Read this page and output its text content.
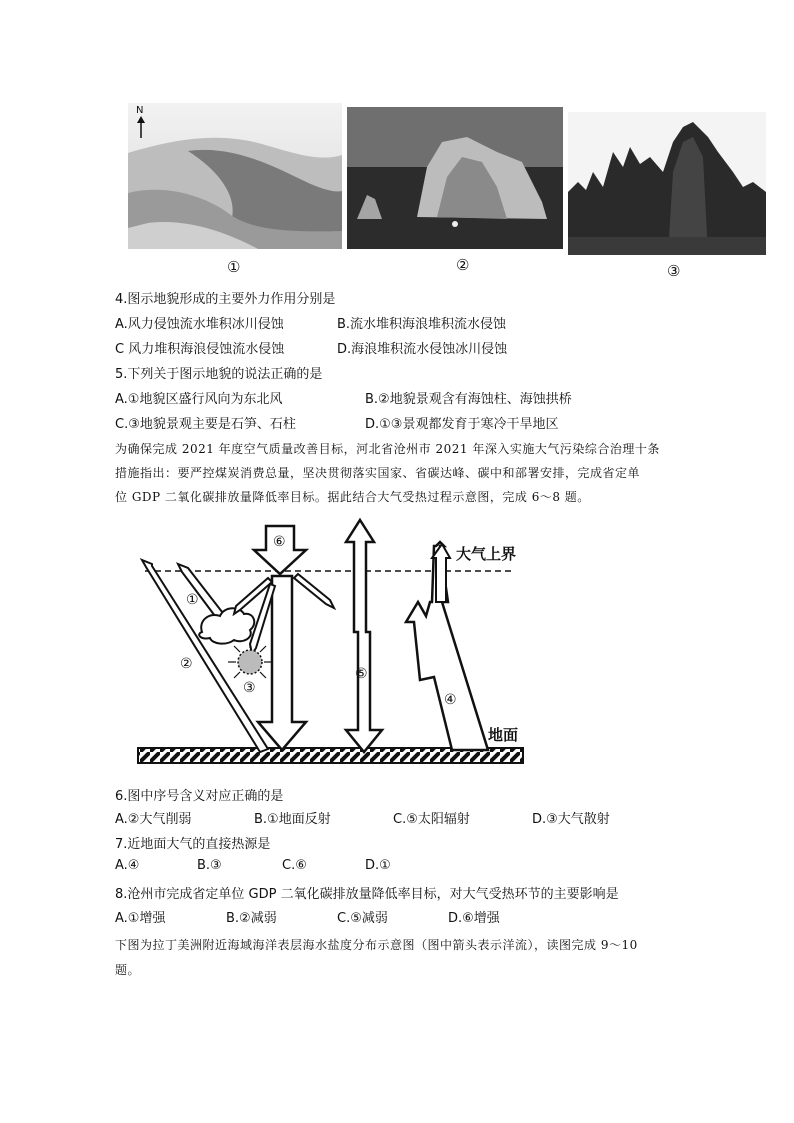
N
①	②	③
4.图示地貌形成的主要外力作用分别是
A.风力侵蚀流水堆积冰川侵蚀	B.流水堆积海浪堆积流水侵蚀
C 风力堆积海浪侵蚀流水侵蚀	D.海浪堆积流水侵蚀冰川侵蚀
5.下列关于图示地貌的说法正确的是
A.①地貌区盛行风向为东北风	B.②地貌景观含有海蚀柱、海蚀拱桥
C.③地貌景观主要是石笋、石柱	D.①③景观都发育于寒冷干旱地区
为确保完成 2021 年度空气质量改善目标，河北省沧州市 2021 年深入实施大气污染综合治理十条
措施指出：要严控煤炭消费总量，坚决贯彻落实国家、省碳达峰、碳中和部署安排，完成省定单
位 GDP 二氧化碳排放量降低率目标。据此结合大气受热过程示意图，完成 6～8 题。
大气上界
地面
①
②
③
④
⑤
⑥
6.图中序号含义对应正确的是
A.②大气削弱	B.①地面反射	C.⑤太阳辐射	D.③大气散射
7.近地面大气的直接热源是
A.④	B.③	C.⑥	D.①
8.沧州市完成省定单位 GDP 二氧化碳排放量降低率目标，对大气受热环节的主要影响是
A.①增强	B.②减弱	C.⑤减弱	D.⑥增强
下图为拉丁美洲附近海域海洋表层海水盐度分布示意图（图中箭头表示洋流），读图完成 9～10
题。
